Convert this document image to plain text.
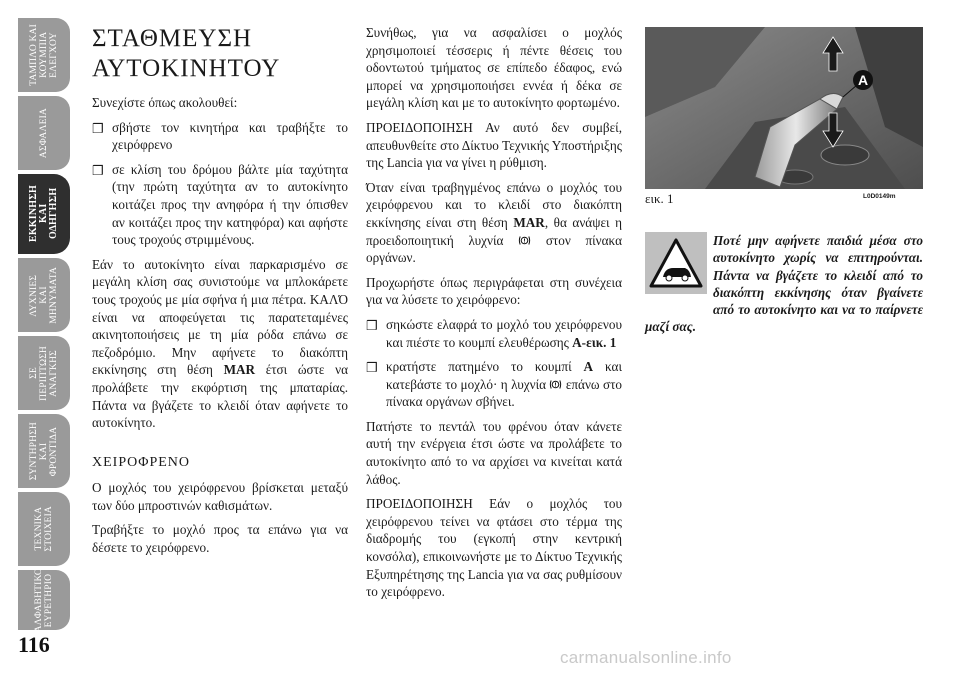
ΤΑΜΠΛΟ ΚΑΙ
ΚΟΥΜΠΙΑ
ΕΛΕΓΧΟΥ
ΑΣΦΑΛΕΙΑ
ΕΚΚΙΝΗΣΗ
ΚΑΙ
ΟΔΗΓΗΣΗ
ΛΥΧΝΙΕΣ
ΚΑΙ
ΜΗΝΥΜΑΤΑ
ΣΕ
ΠΕΡΙΠΤΩΣΗ
ΑΝΑΓΚΗΣ
ΣΥΝΤΗΡΗΣΗ
ΚΑΙ
ΦΡΟΝΤΙΔΑ
ΤΕΧΝΙΚΑ
ΣΤΟΙΧΕΙΑ
ΑΛΦΑΒΗΤΙΚΟ
ΕΥΡΕΤΗΡΙΟ
116
ΣΤΑΘΜΕΥΣΗ
ΑΥΤΟΚΙΝΗΤΟΥ

Συνεχίστε όπως ακολουθεί:

❒ σβήστε τον κινητήρα και τραβήξτε το χειρόφρενο
❒ σε κλίση του δρόμου βάλτε μία ταχύτητα (την πρώτη ταχύτητα αν το αυτοκίνητο κοιτάζει προς την ανηφόρα ή την όπισθεν αν κοιτάζει προς την κατηφόρα) και αφήστε τους τροχούς στριμμένους.

Εάν το αυτοκίνητο είναι παρκαρισμένο σε μεγάλη κλίση σας συνιστούμε να μπλοκάρετε τους τροχούς με μία σφήνα ή μια πέτρα. ΚΑΛΌ είναι να αποφεύγεται τις παρατεταμένες ακινητοποιήσεις με τη μία ρόδα επάνω σε πεζοδρόμιο. Μην αφήνετε το διακόπτη εκκίνησης στη θέση MAR έτσι ώστε να προλάβετε την εκφόρτιση της μπαταρίας. Πάντα να βγάζετε το κλειδί όταν αφήνετε το αυτοκίνητο.

ΧΕΙΡΟΦΡΕΝΟ

Ο μοχλός του χειρόφρενου βρίσκεται μεταξύ των δύο μπροστινών καθισμάτων.

Τραβήξτε το μοχλό προς τα επάνω για να δέσετε το χειρόφρενο.

Συνήθως, για να ασφαλίσει ο μοχλός χρησιμοποιεί τέσσερις ή πέντε θέσεις του οδοντωτού τμήματος σε επίπεδο έδαφος, ενώ μπορεί να χρησιμοποιήσει εννέα ή δέκα σε μεγάλη κλίση και με το αυτοκίνητο φορτωμένο.

ΠΡΟΕΙΔΟΠΟΙΗΣΗ Αν αυτό δεν συμβεί, απευθυνθείτε στο Δίκτυο Τεχνικής Υποστήριξης της Lancia για να γίνει η ρύθμιση.

Όταν είναι τραβηγμένος επάνω ο μοχλός του χειρόφρενου και το κλειδί στο διακόπτη εκκίνησης είναι στη θέση MAR, θα ανάψει η προειδοποιητική λυχνία ! στον πίνακα οργάνων.

Προχωρήστε όπως περιγράφεται στη συνέχεια για να λύσετε το χειρόφρενο:

❒ σηκώστε ελαφρά το μοχλό του χειρόφρενου και πιέστε το κουμπί ελευθέρωσης A-εικ. 1
❒ κρατήστε πατημένο το κουμπί A και κατεβάστε το μοχλό· η λυχνία ! επάνω στο πίνακα οργάνων σβήνει.

Πατήστε το πεντάλ του φρένου όταν κάνετε αυτή την ενέργεια έτσι ώστε να προλάβετε το αυτοκίνητο από το να αρχίσει να κινείται κατά λάθος.

ΠΡΟΕΙΔΟΠΟΙΗΣΗ Εάν ο μοχλός του χειρόφρενου τείνει να φτάσει στο τέρμα της διαδρομής του (εγκοπή στην κεντρική κονσόλα), επικοινωνήστε με το Δίκτυο Τεχνικής Εξυπηρέτησης της Lancia για να σας ρυθμίσουν το χειρόφρενο.

A
εικ. 1	L0D0149m
Ποτέ μην αφήνετε παιδιά μέσα στο αυτοκίνητο χωρίς να επιτηρούνται. Πάντα να βγάζετε το κλειδί από το διακόπτη εκκίνησης όταν βγαίνετε από το αυτοκίνητο και να το παίρνετε μαζί σας.
carmanualsonline.info
